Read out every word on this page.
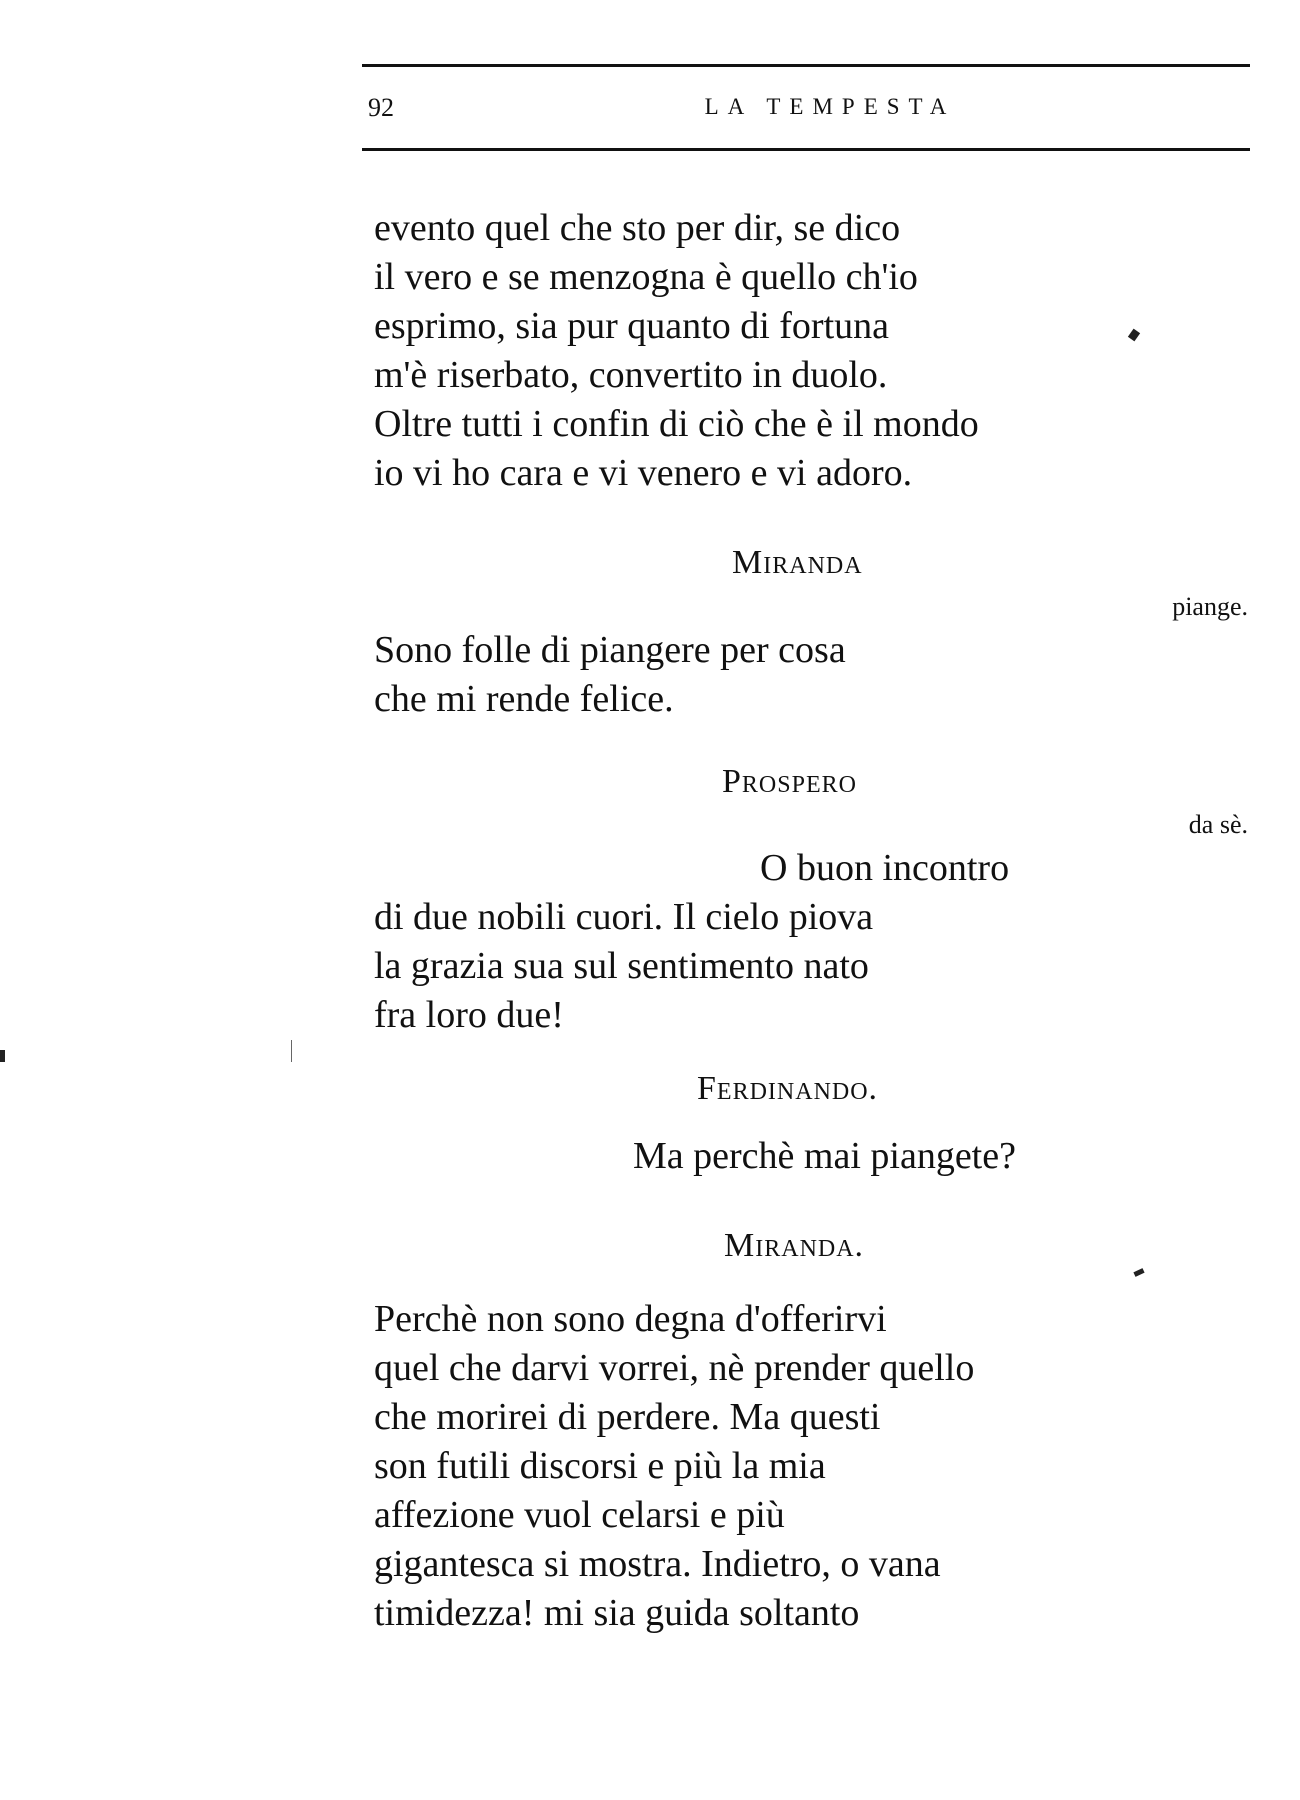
92	LA TEMPESTA
evento quel che sto per dir, se dico
il vero e se menzogna è quello ch'io
esprimo, sia pur quanto di fortuna
m'è riserbato, convertito in duolo.
Oltre tutti i confin di ciò che è il mondo
io vi ho cara e vi venero e vi adoro.
Miranda
piange.
Sono folle di piangere per cosa
che mi rende felice.
Prospero
da sè.
O buon incontro
di due nobili cuori. Il cielo piova
la grazia sua sul sentimento nato
fra loro due!
Ferdinando.
Ma perchè mai piangete?
Miranda.
Perchè non sono degna d'offerirvi
quel che darvi vorrei, nè prender quello
che morirei di perdere. Ma questi
son futili discorsi e più la mia
affezione vuol celarsi e più
gigantesca si mostra. Indietro, o vana
timidezza! mi sia guida soltanto
